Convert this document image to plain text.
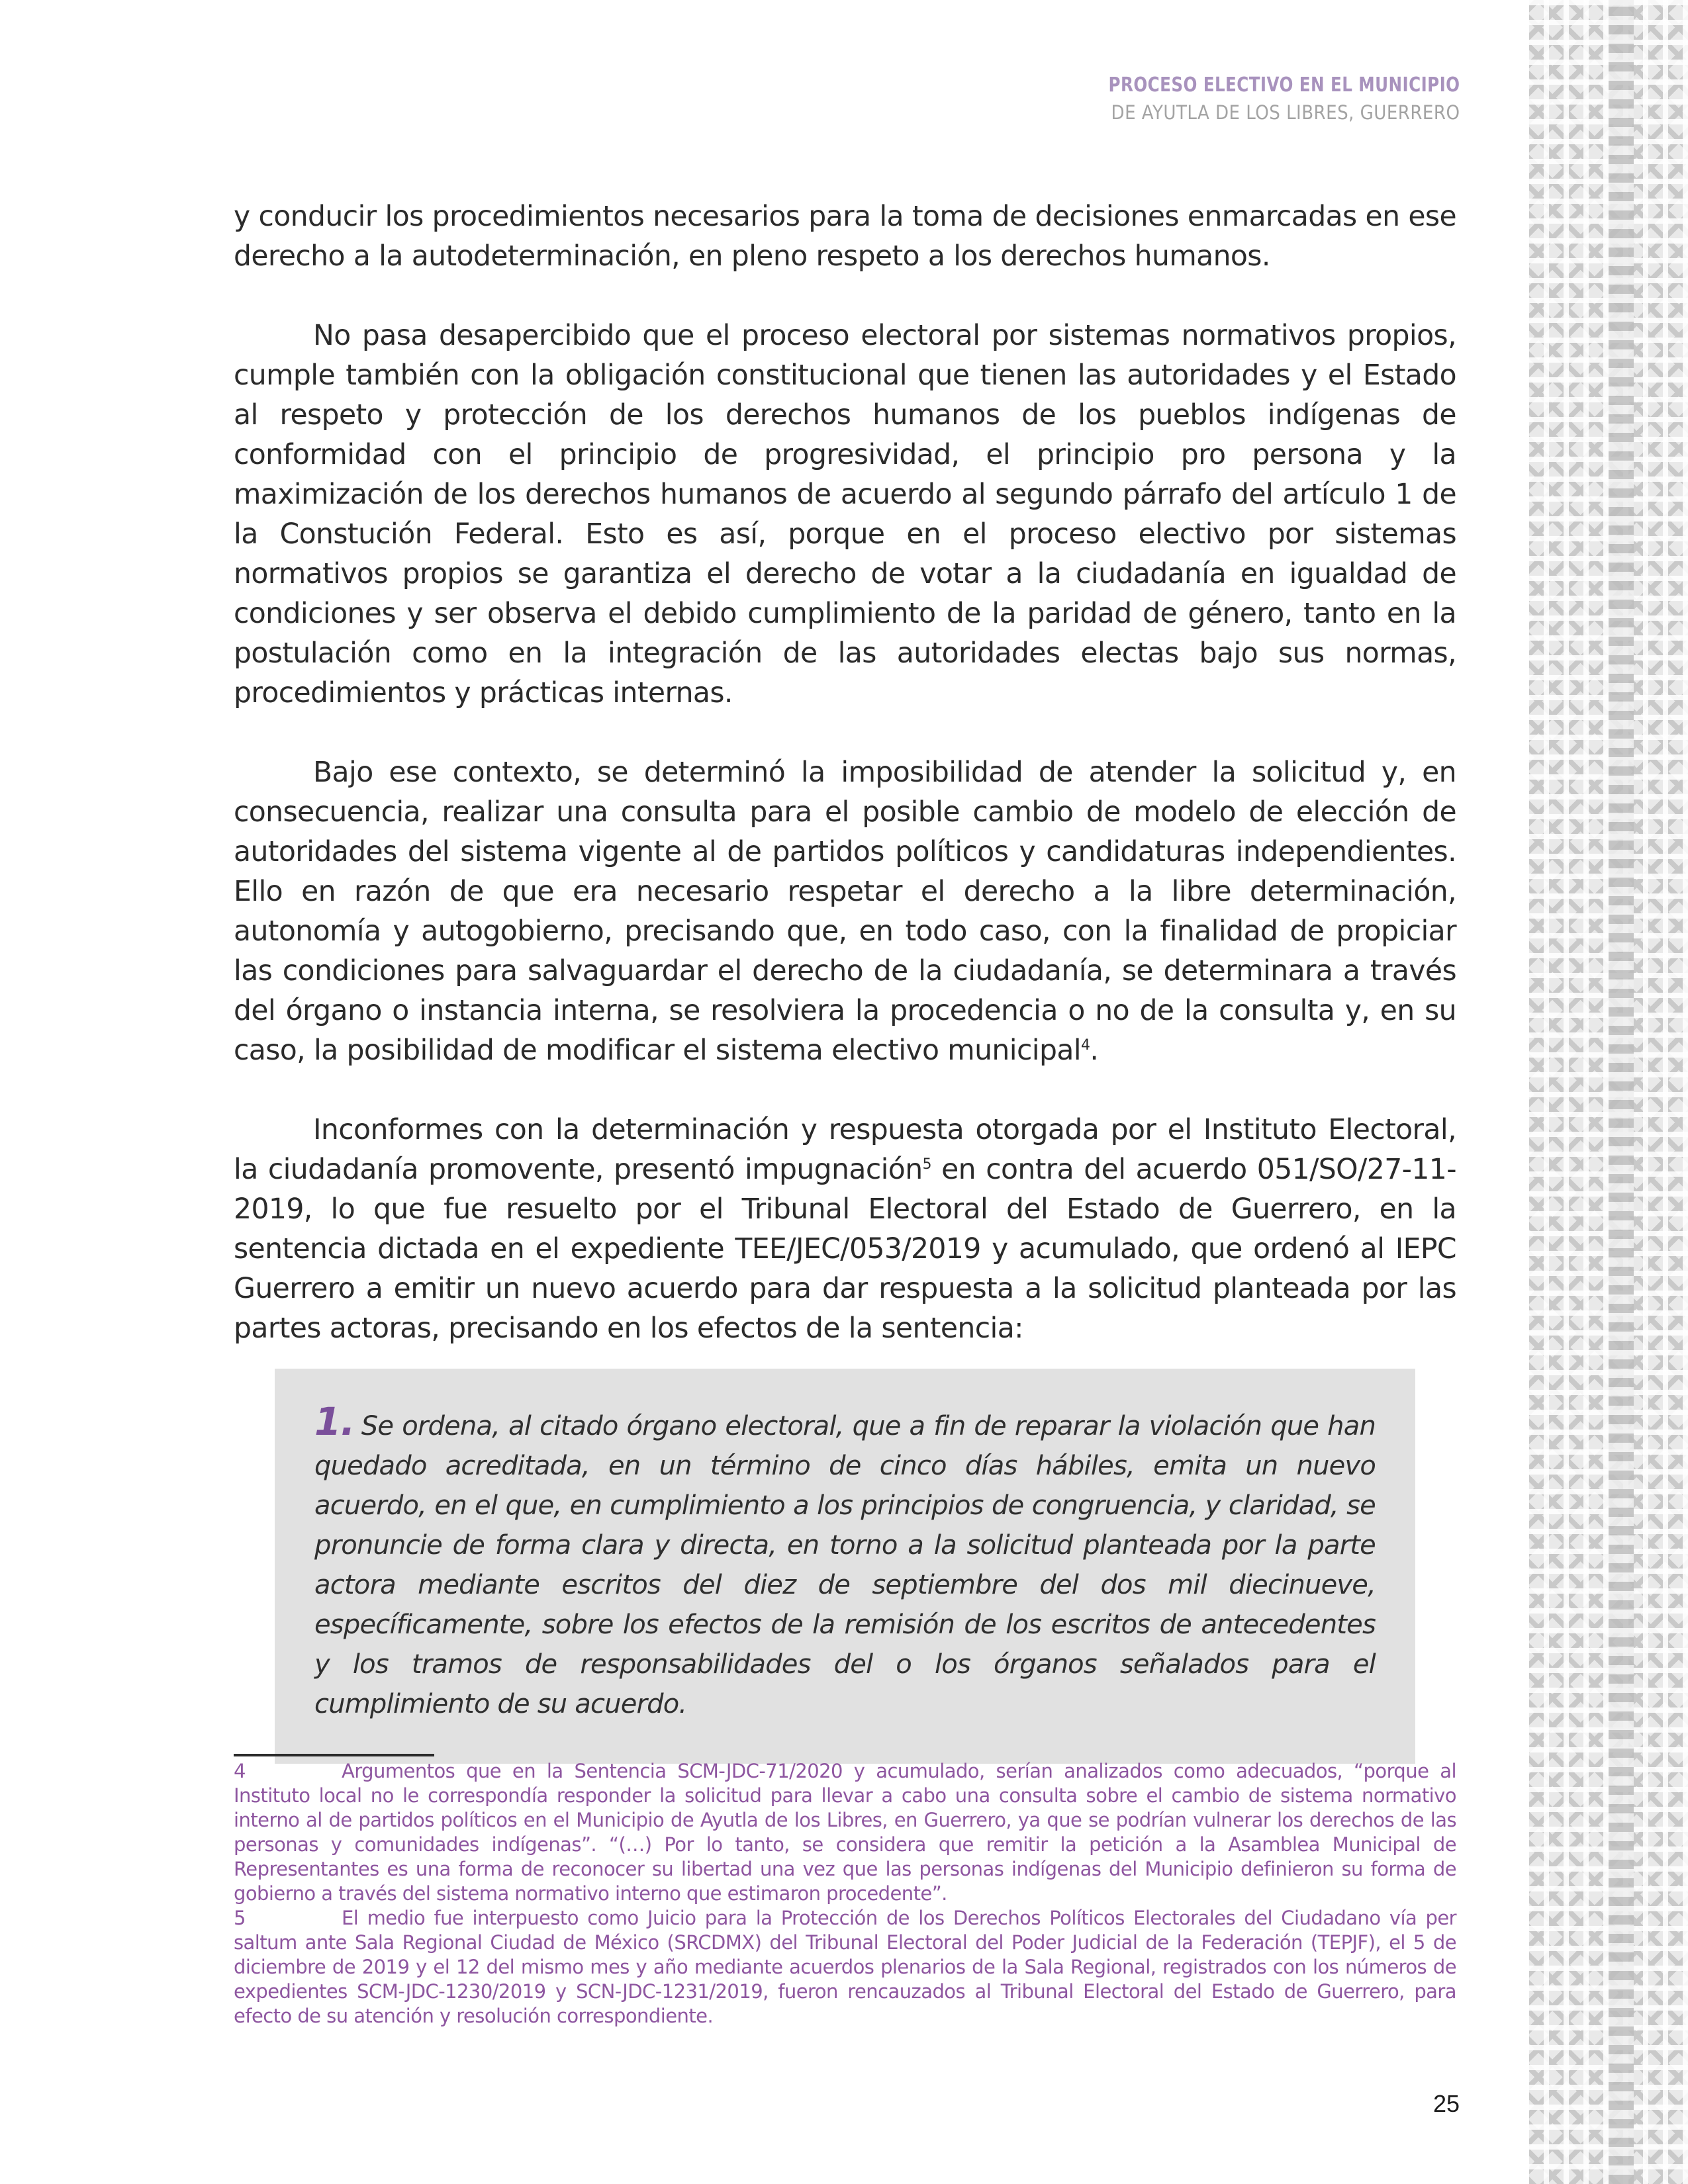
PROCESO ELECTIVO EN EL MUNICIPIO
DE AYUTLA DE LOS LIBRES, GUERRERO

y conducir los procedimientos necesarios para la toma de decisiones enmarcadas en ese derecho a la autodeterminación, en pleno respeto a los derechos humanos.

No pasa desapercibido que el proceso electoral por sistemas normativos propios, cumple también con la obligación constitucional que tienen las autoridades y el Estado al respeto y protección de los derechos humanos de los pueblos indígenas de conformidad con el principio de progresividad, el principio pro persona y la maximización de los derechos humanos de acuerdo al segundo párrafo del artículo 1 de la Constución Federal. Esto es así, porque en el proceso electivo por sistemas normativos propios se garantiza el derecho de votar a la ciudadanía en igualdad de condiciones y ser observa el debido cumplimiento de la paridad de género, tanto en la postulación como en la integración de las autoridades electas bajo sus normas, procedimientos y prácticas internas.

Bajo ese contexto, se determinó la imposibilidad de atender la solicitud y, en consecuencia, realizar una consulta para el posible cambio de modelo de elección de autoridades del sistema vigente al de partidos políticos y candidaturas independientes. Ello en razón de que era necesario respetar el derecho a la libre determinación, autonomía y autogobierno, precisando que, en todo caso, con la finalidad de propiciar las condiciones para salvaguardar el derecho de la ciudadanía, se determinara a través del órgano o instancia interna, se resolviera la procedencia o no de la consulta y, en su caso, la posibilidad de modificar el sistema electivo municipal$^4$.

Inconformes con la determinación y respuesta otorgada por el Instituto Electoral, la ciudadanía promovente, presentó impugnación$^5$ en contra del acuerdo 051/SO/27-11-2019, lo que fue resuelto por el Tribunal Electoral del Estado de Guerrero, en la sentencia dictada en el expediente TEE/JEC/053/2019 y acumulado, que ordenó al IEPC Guerrero a emitir un nuevo acuerdo para dar respuesta a la solicitud planteada por las partes actoras, precisando en los efectos de la sentencia:

1. Se ordena, al citado órgano electoral, que a fin de reparar la violación que han quedado acreditada, en un término de cinco días hábiles, emita un nuevo acuerdo, en el que, en cumplimiento a los principios de congruencia, y claridad, se pronuncie de forma clara y directa, en torno a la solicitud planteada por la parte actora mediante escritos del diez de septiembre del dos mil diecinueve, específicamente, sobre los efectos de la remisión de los escritos de antecedentes y los tramos de responsabilidades del o los órganos señalados para el cumplimiento de su acuerdo.

4	Argumentos que en la Sentencia SCM-JDC-71/2020 y acumulado, serían analizados como adecuados, “porque al Instituto local no le correspondía responder la solicitud para llevar a cabo una consulta sobre el cambio de sistema normativo interno al de partidos políticos en el Municipio de Ayutla de los Libres, en Guerrero, ya que se podrían vulnerar los derechos de las personas y comunidades indígenas”. “(…) Por lo tanto, se considera que remitir la petición a la Asamblea Municipal de Representantes es una forma de reconocer su libertad una vez que las personas indígenas del Municipio definieron su forma de gobierno a través del sistema normativo interno que estimaron procedente”.

5	El medio fue interpuesto como Juicio para la Protección de los Derechos Políticos Electorales del Ciudadano vía per saltum ante Sala Regional Ciudad de México (SRCDMX) del Tribunal Electoral del Poder Judicial de la Federación (TEPJF), el 5 de diciembre de 2019 y el 12 del mismo mes y año mediante acuerdos plenarios de la Sala Regional, registrados con los números de expedientes SCM-JDC-1230/2019 y SCN-JDC-1231/2019, fueron rencauzados al Tribunal Electoral del Estado de Guerrero, para efecto de su atención y resolución correspondiente.

25
